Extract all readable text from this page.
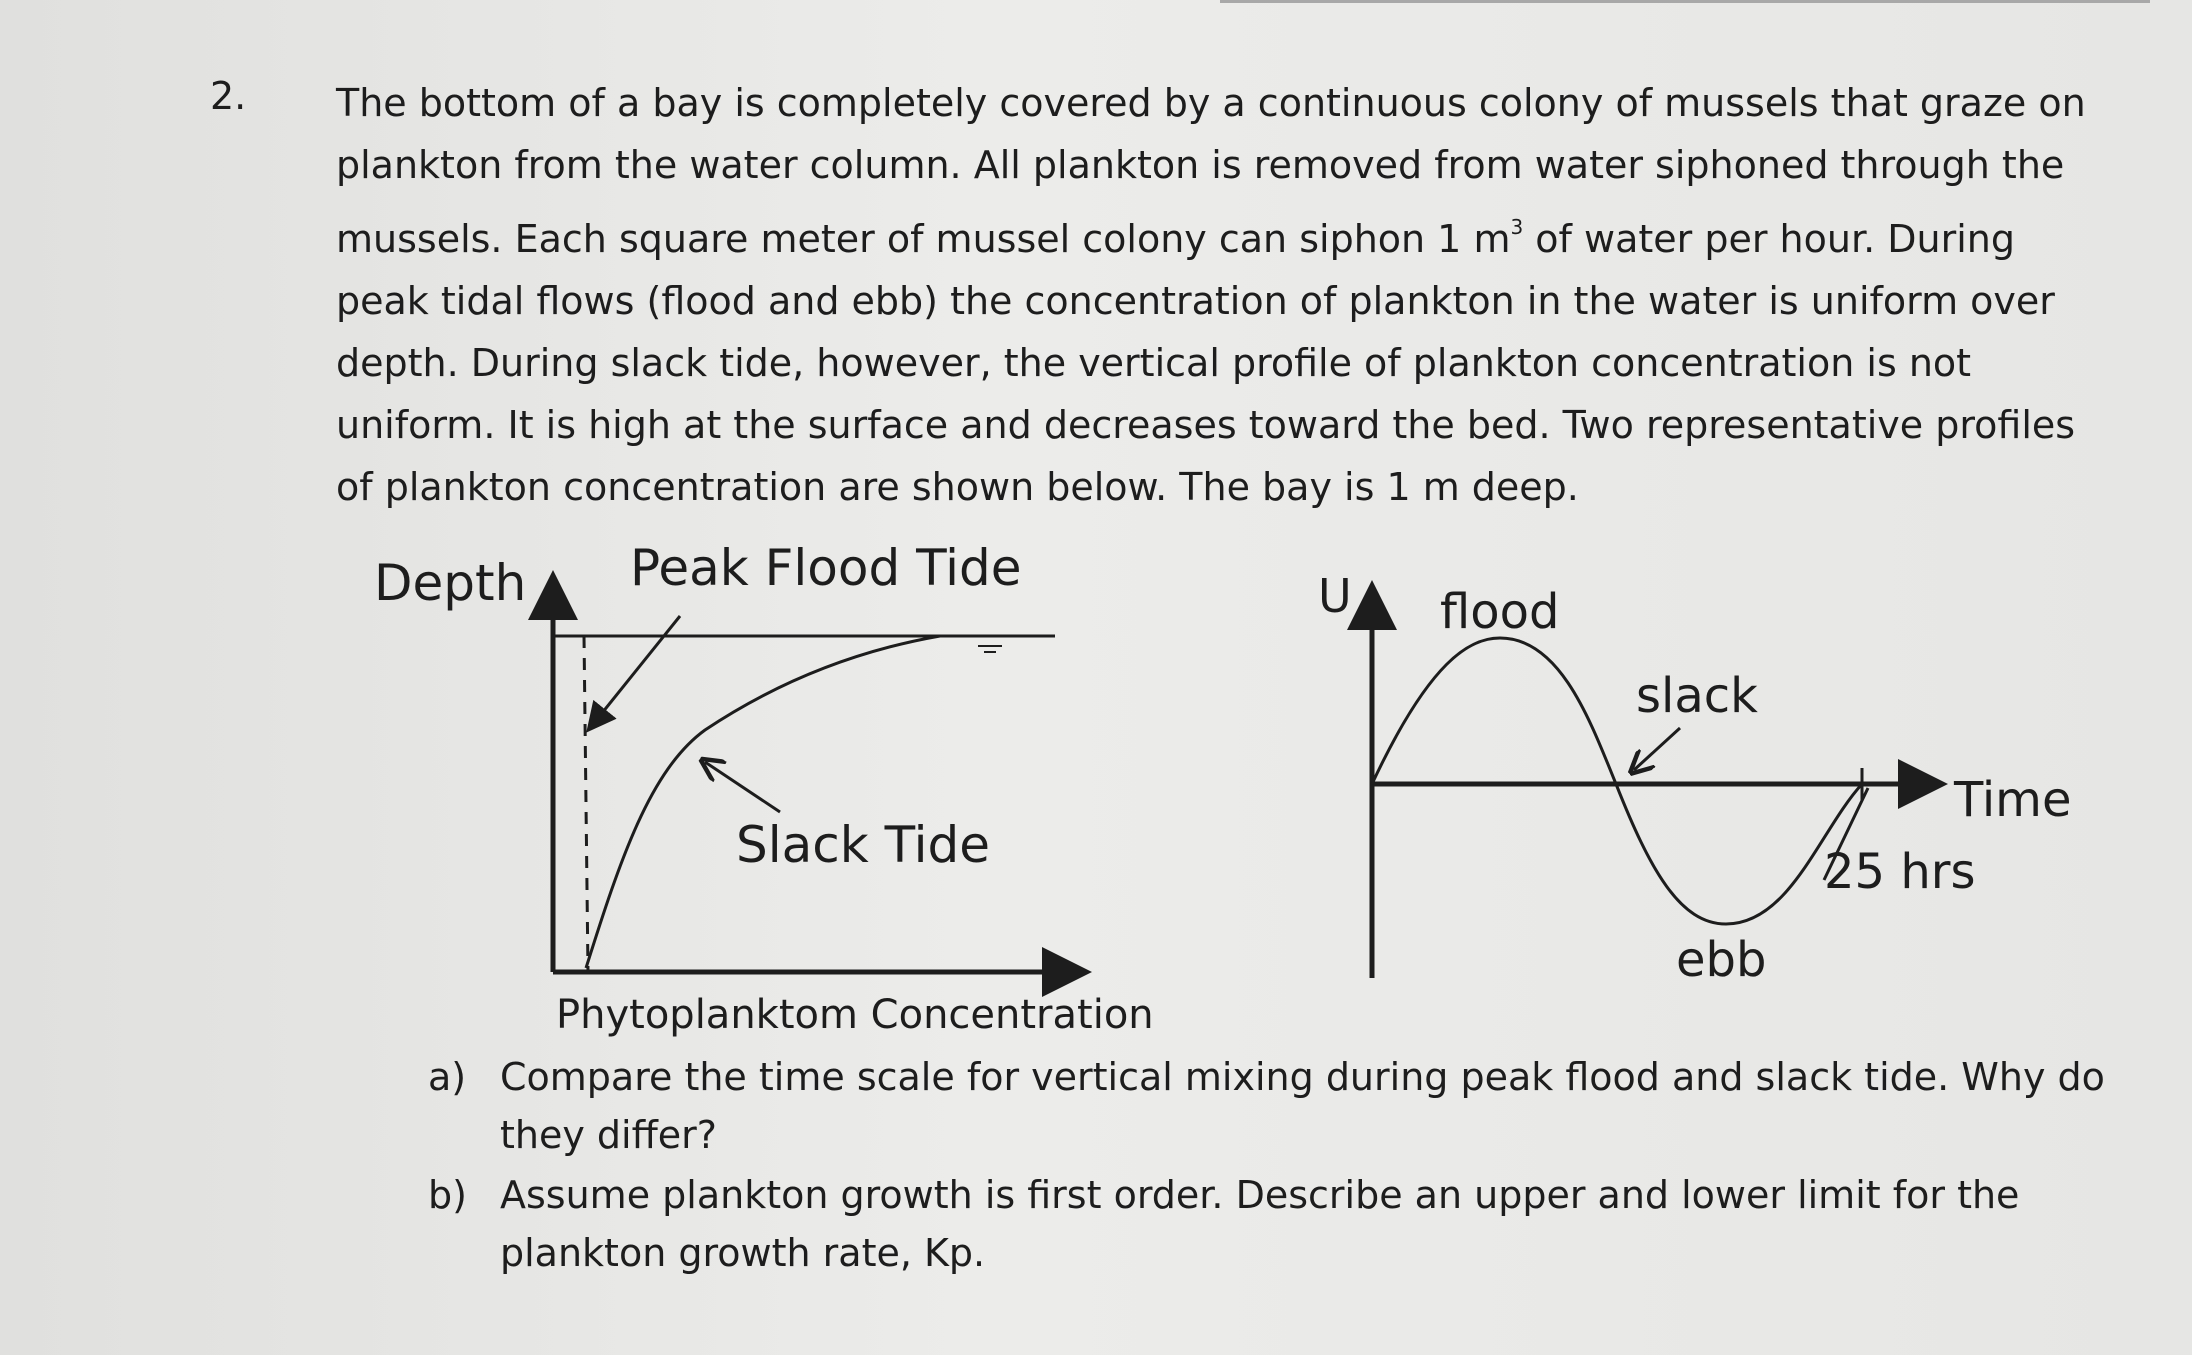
2. The bottom of a bay is completely covered by a continuous colony of mussels that graze on
plankton from the water column. All plankton is removed from water siphoned through the
mussels. Each square meter of mussel colony can siphon 1 $m^3$ of water per hour. During
peak tidal flows (flood and ebb) the concentration of plankton in the water is uniform over
depth. During slack tide, however, the vertical profile of plankton concentration is not
uniform. It is high at the surface and decreases toward the bed. Two representative profiles
of plankton concentration are shown below. The bay is 1 m deep.
Depth Peak Flood Tide
Slack Tide
Phytoplanktom Concentration
U flood
slack
Time
25 hrs
ebb
a) Compare the time scale for vertical mixing during peak flood and slack tide. Why do
they differ?
b) Assume plankton growth is first order. Describe an upper and lower limit for the
plankton growth rate, Kp.
